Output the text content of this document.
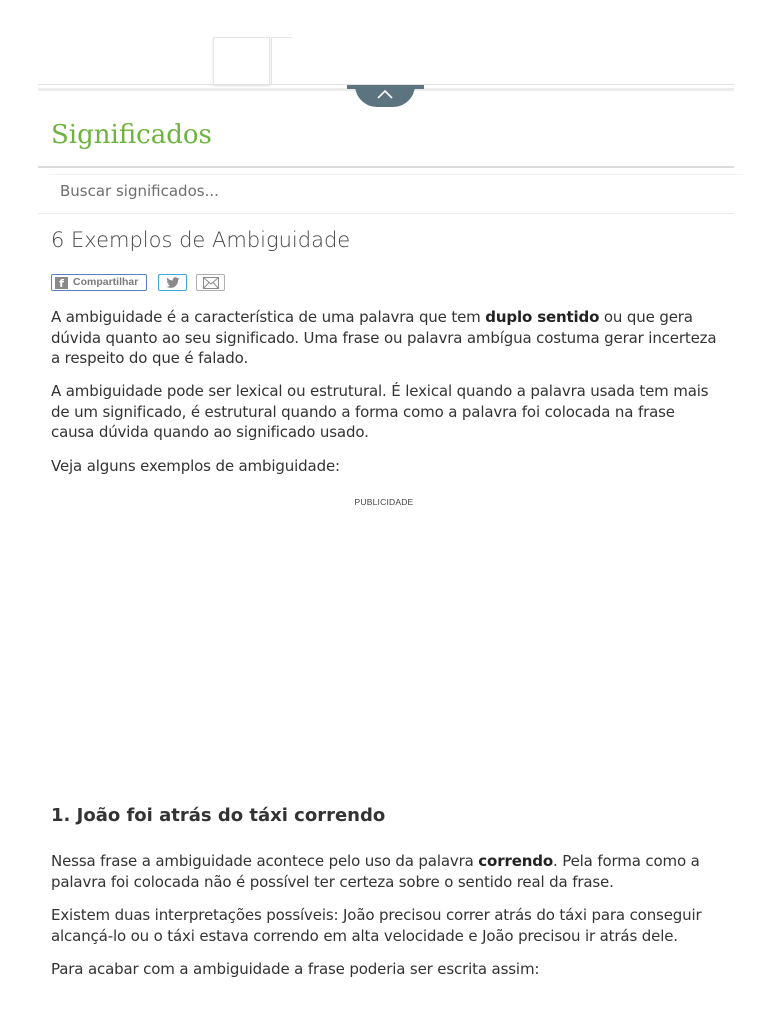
Significados
Buscar significados...
6 Exemplos de Ambiguidade
f Compartilhar

A ambiguidade é a característica de uma palavra que tem duplo sentido ou que gera dúvida quanto ao seu significado. Uma frase ou palavra ambígua costuma gerar incerteza a respeito do que é falado.

A ambiguidade pode ser lexical ou estrutural. É lexical quando a palavra usada tem mais de um significado, é estrutural quando a forma como a palavra foi colocada na frase causa dúvida quando ao significado usado.

Veja alguns exemplos de ambiguidade:

PUBLICIDADE
1. João foi atrás do táxi correndo

Nessa frase a ambiguidade acontece pelo uso da palavra correndo. Pela forma como a palavra foi colocada não é possível ter certeza sobre o sentido real da frase.

Existem duas interpretações possíveis: João precisou correr atrás do táxi para conseguir alcançá-lo ou o táxi estava correndo em alta velocidade e João precisou ir atrás dele.

Para acabar com a ambiguidade a frase poderia ser escrita assim:
